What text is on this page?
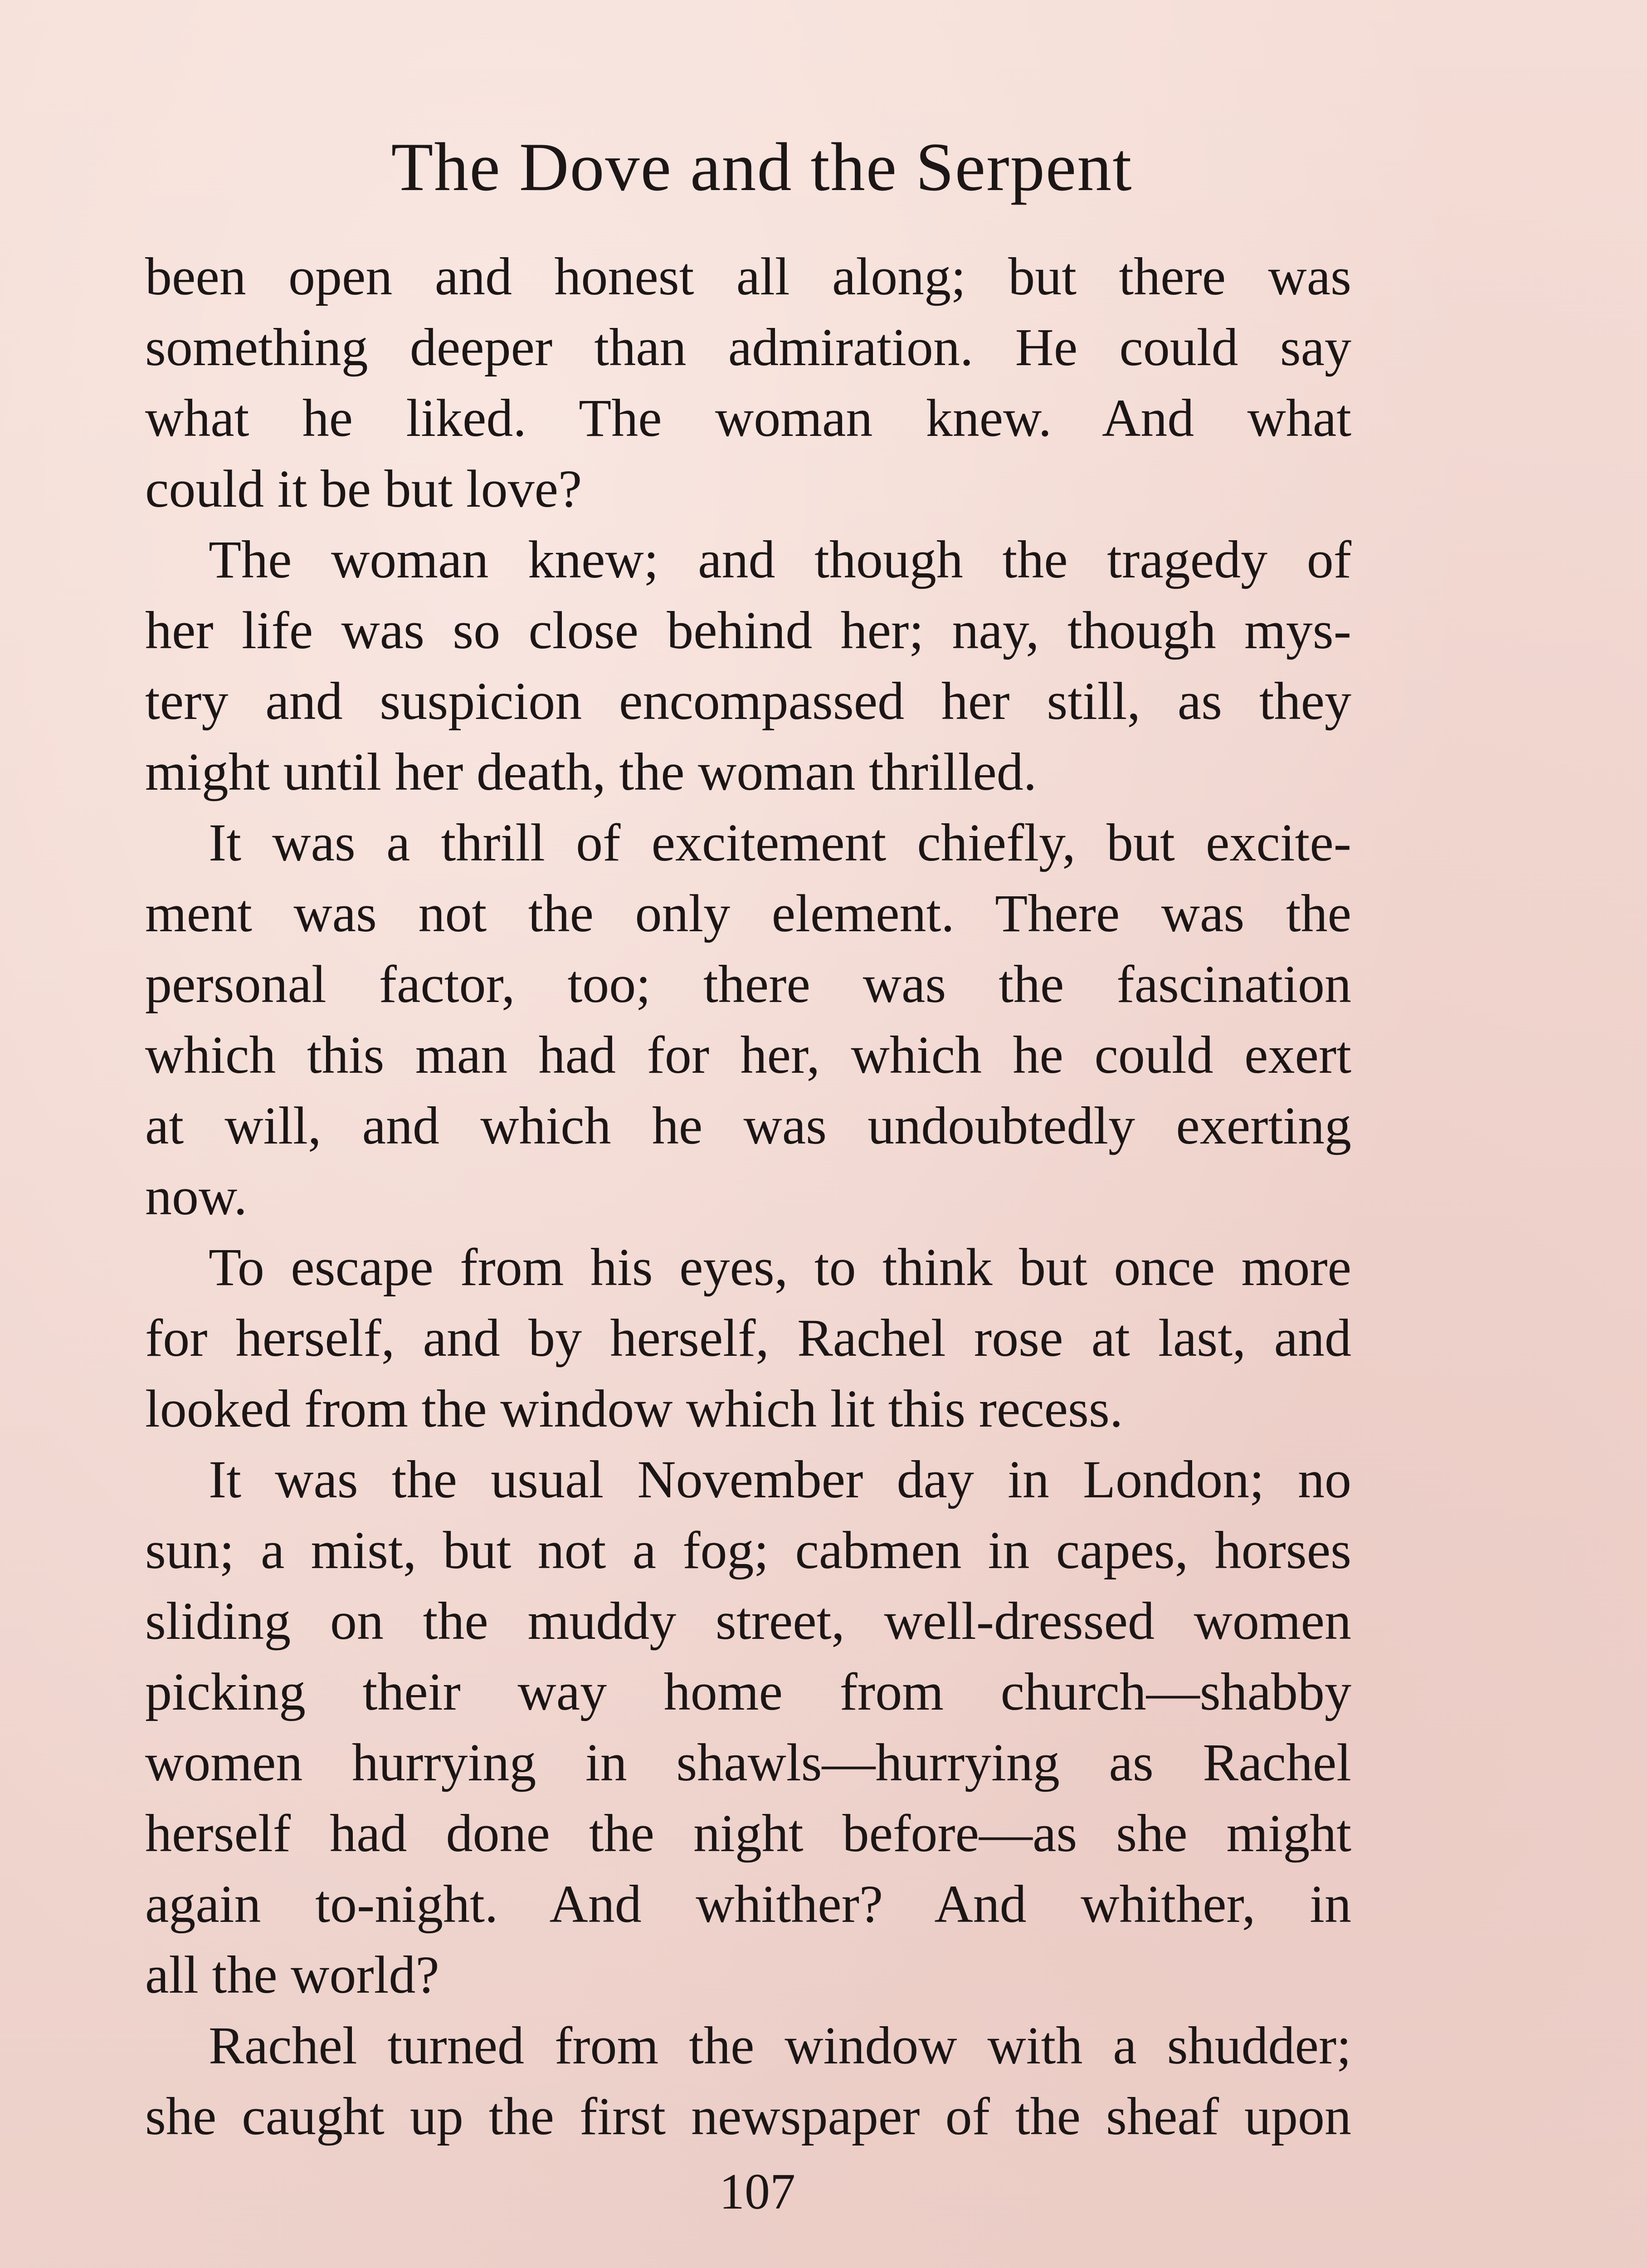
The Dove and the Serpent
been open and honest all along; but there was
something deeper than admiration. He could say
what he liked. The woman knew. And what
could it be but love?
The woman knew; and though the tragedy of
her life was so close behind her; nay, though mys-
tery and suspicion encompassed her still, as they
might until her death, the woman thrilled.
It was a thrill of excitement chiefly, but excite-
ment was not the only element. There was the
personal factor, too; there was the fascination
which this man had for her, which he could exert
at will, and which he was undoubtedly exerting
now.
To escape from his eyes, to think but once more
for herself, and by herself, Rachel rose at last, and
looked from the window which lit this recess.
It was the usual November day in London; no
sun; a mist, but not a fog; cabmen in capes, horses
sliding on the muddy street, well-dressed women
picking their way home from church—shabby
women hurrying in shawls—hurrying as Rachel
herself had done the night before—as she might
again to-night. And whither? And whither, in
all the world?
Rachel turned from the window with a shudder;
she caught up the first newspaper of the sheaf upon
107
